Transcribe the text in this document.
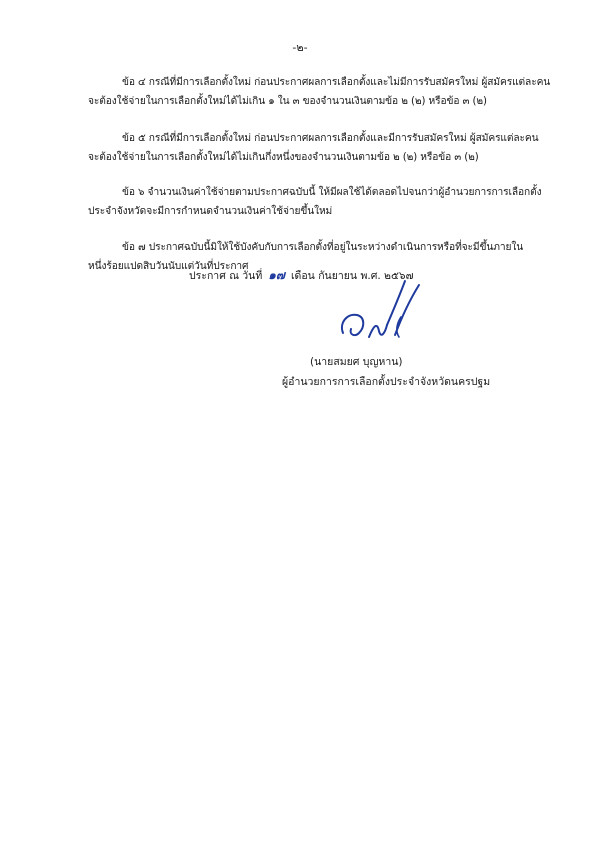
-๒-
ข้อ ๔ กรณีที่มีการเลือกตั้งใหม่ ก่อนประกาศผลการเลือกตั้งและไม่มีการรับสมัครใหม่ ผู้สมัครแต่ละคน
จะต้องใช้จ่ายในการเลือกตั้งใหม่ได้ไม่เกิน ๑ ใน ๓ ของจำนวนเงินตามข้อ ๒ (๒) หรือข้อ ๓ (๒)
ข้อ ๕ กรณีที่มีการเลือกตั้งใหม่ ก่อนประกาศผลการเลือกตั้งและมีการรับสมัครใหม่ ผู้สมัครแต่ละคน
จะต้องใช้จ่ายในการเลือกตั้งใหม่ได้ไม่เกินกึ่งหนึ่งของจำนวนเงินตามข้อ ๒ (๒) หรือข้อ ๓ (๒)
ข้อ ๖ จำนวนเงินค่าใช้จ่ายตามประกาศฉบับนี้ ให้มีผลใช้ได้ตลอดไปจนกว่าผู้อำนวยการการเลือกตั้ง
ประจำจังหวัดจะมีการกำหนดจำนวนเงินค่าใช้จ่ายขึ้นใหม่
ข้อ ๗ ประกาศฉบับนี้มิให้ใช้บังคับกับการเลือกตั้งที่อยู่ในระหว่างดำเนินการหรือที่จะมีขึ้นภายใน
หนึ่งร้อยแปดสิบวันนับแต่วันที่ประกาศ
ประกาศ ณ วันที่ ๑๗ เดือน กันยายน พ.ศ. ๒๕๖๗
(นายสมยศ บุญหาน)
ผู้อำนวยการการเลือกตั้งประจำจังหวัดนครปฐม
